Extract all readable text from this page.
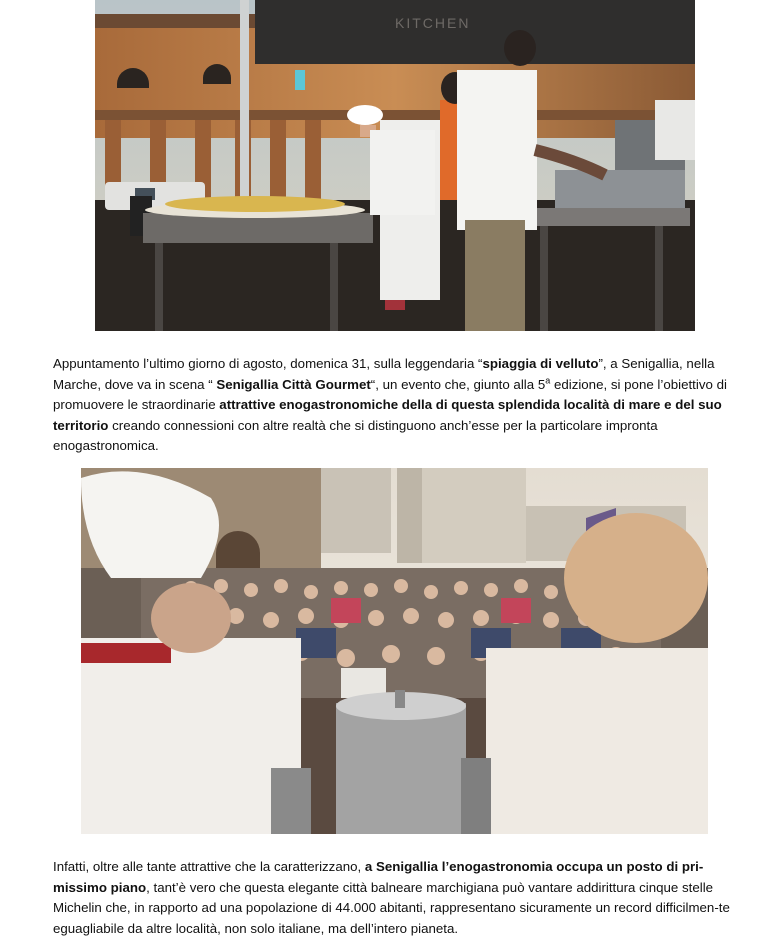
KITCHEN

Appuntamento l’ultimo giorno di agosto, domenica 31, sulla leggendaria “spiaggia di velluto”, a Senigallia, nella Marche, dove va in scena “ Senigallia Città Gourmet“, un evento che, giunto alla 5$^a$ edizione, si pone l’obiettivo di promuovere le straordinarie attrattive enogastronomiche della di questa splendida località di mare e del suo territorio creando connessioni con altre realtà che si distinguono anch’esse per la particolare impronta enogastronomica.

Infatti, oltre alle tante attrattive che la caratterizzano, a Senigallia l’enogastronomia occupa un posto di pri-missimo piano, tant’è vero che questa elegante città balneare marchigiana può vantare addirittura cinque stelle Michelin che, in rapporto ad una popolazione di 44.000 abitanti, rappresentano sicuramente un record difficilmen-te eguagliabile da altre località, non solo italiane, ma dell’intero pianeta.
